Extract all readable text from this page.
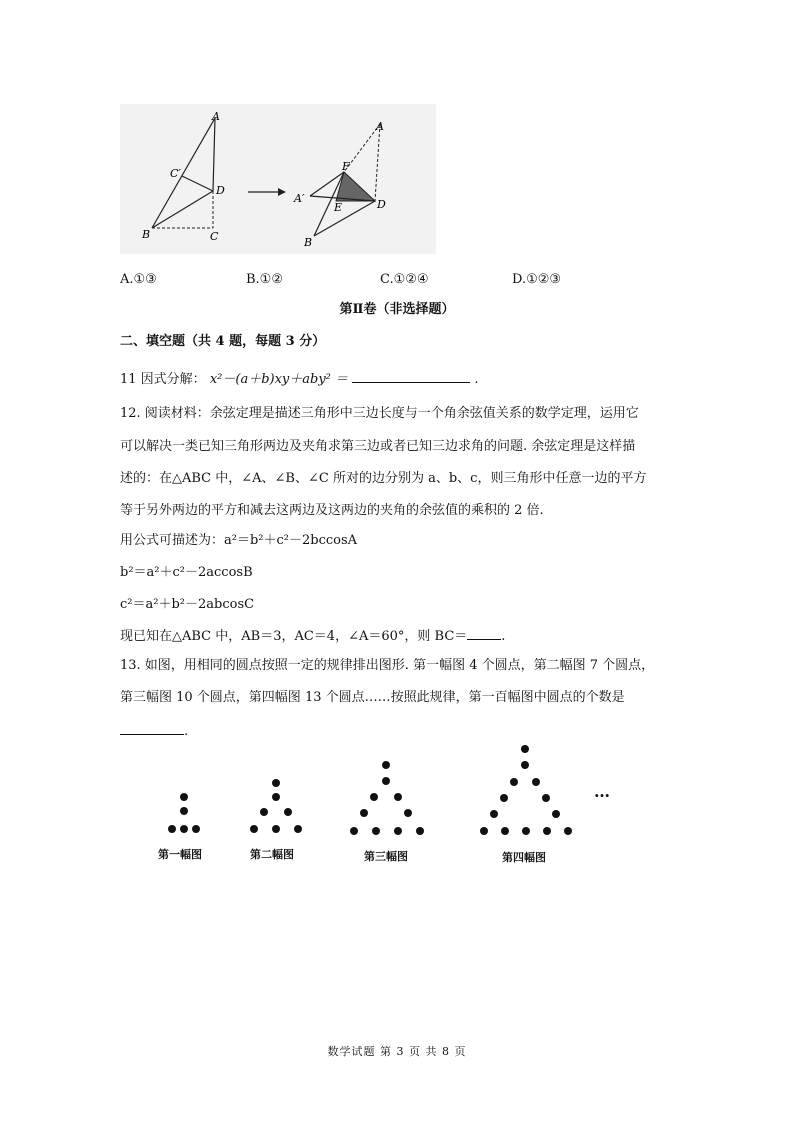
A
C′
D
B	C
A
F
A′
E	D
B
A.①③	B.①②	C.①②④	D.①②③
第Ⅱ卷（非选择题）
二、填空题（共 4 题，每题 3 分）
11 因式分解： x²－(a＋b)xy＋aby² ＝	.
12. 阅读材料：余弦定理是描述三角形中三边长度与一个角余弦值关系的数学定理，运用它
可以解决一类已知三角形两边及夹角求第三边或者已知三边求角的问题. 余弦定理是这样描
述的：在△ABC 中，∠A、∠B、∠C 所对的边分别为 a、b、c，则三角形中任意一边的平方
等于另外两边的平方和减去这两边及这两边的夹角的余弦值的乘积的 2 倍.
用公式可描述为：a²＝b²＋c²－2bccosA
b²＝a²＋c²－2accosB
c²＝a²＋b²－2abcosC
现已知在△ABC 中，AB＝3，AC＝4，∠A＝60°，则 BC＝	.
13. 如图，用相同的圆点按照一定的规律排出图形. 第一幅图 4 个圆点，第二幅图 7 个圆点，
第三幅图 10 个圆点，第四幅图 13 个圆点……按照此规律，第一百幅图中圆点的个数是
.
…
第一幅图	第二幅图	第三幅图	第四幅图
数学试题 第 3 页 共 8 页
